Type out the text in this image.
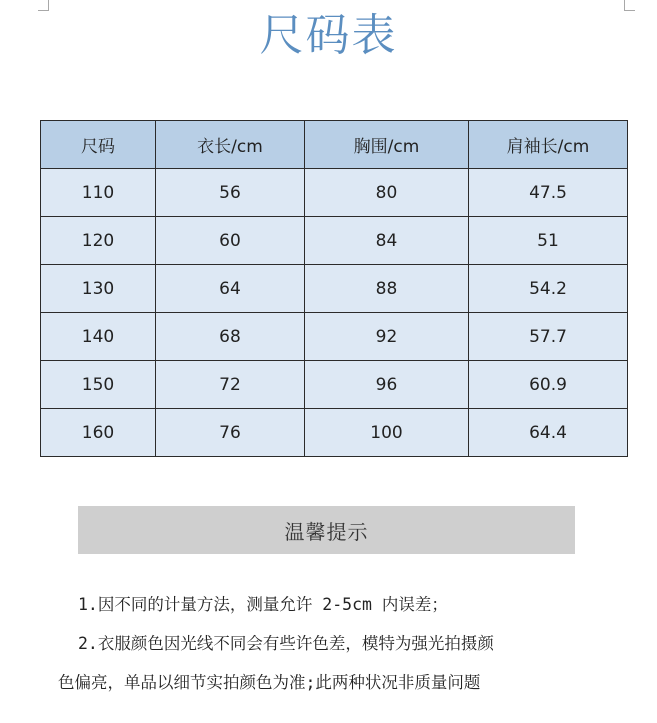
尺码表
尺码	衣长/cm	胸围/cm	肩袖长/cm
110	56	80	47.5
120	60	84	51
130	64	88	54.2
140	68	92	57.7
150	72	96	60.9
160	76	100	64.4
温馨提示
1.因不同的计量方法，测量允许 2-5cm 内误差；
2.衣服颜色因光线不同会有些许色差，模特为强光拍摄颜
色偏亮，单品以细节实拍颜色为准;此两种状况非质量问题
